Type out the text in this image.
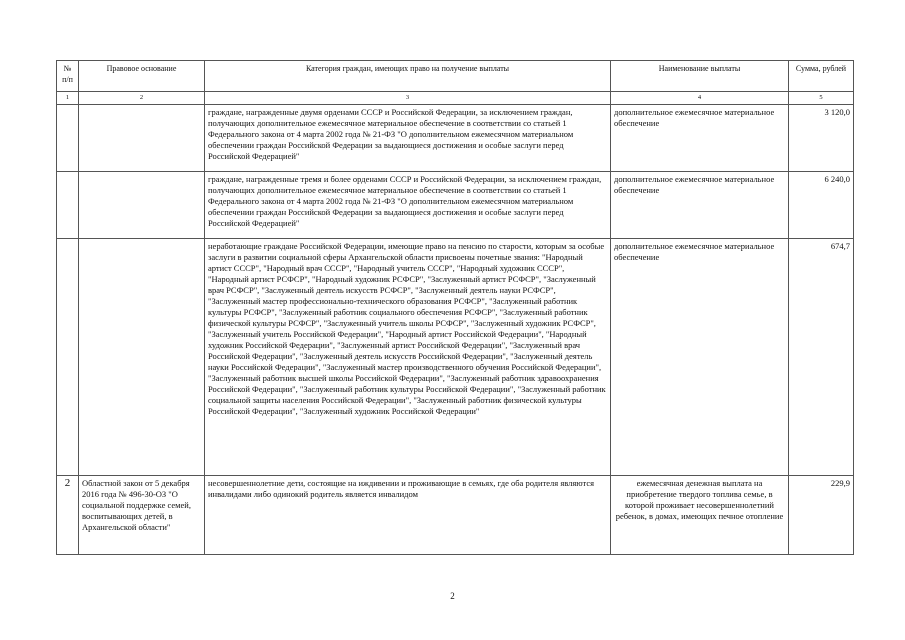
№ п/п	Правовое основание	Категория граждан, имеющих право на получение выплаты	Наименование выплаты	Сумма, рублей
1	2	3	4	5
		граждане, награжденные двумя орденами СССР и Российской Федерации, за исключением граждан, получающих дополнительное ежемесячное материальное обеспечение в соответствии со статьей 1 Федерального закона от 4 марта 2002 года № 21-ФЗ "О дополнительном ежемесячном материальном обеспечении граждан Российской Федерации за выдающиеся достижения и особые заслуги перед Российской Федерацией"	дополнительное ежемесячное материальное обеспечение	3 120,0
		граждане, награжденные тремя и более орденами СССР и Российской Федерации, за исключением граждан, получающих дополнительное ежемесячное материальное обеспечение в соответствии со статьей 1 Федерального закона от 4 марта 2002 года № 21-ФЗ "О дополнительном ежемесячном материальном обеспечении граждан Российской Федерации за выдающиеся достижения и особые заслуги перед Российской Федерацией"	дополнительное ежемесячное материальное обеспечение	6 240,0
		неработающие граждане Российской Федерации, имеющие право на пенсию по старости, которым за особые заслуги в развитии социальной сферы Архангельской области присвоены почетные звания: "Народный артист СССР", "Народный врач СССР", "Народный учитель СССР", "Народный художник СССР", "Народный артист РСФСР", "Народный художник РСФСР", "Заслуженный артист РСФСР", "Заслуженный врач РСФСР", "Заслуженный деятель искусств РСФСР", "Заслуженный деятель науки РСФСР", "Заслуженный мастер профессионально-технического образования РСФСР", "Заслуженный работник культуры РСФСР", "Заслуженный работник социального обеспечения РСФСР", "Заслуженный работник физической культуры РСФСР", "Заслуженный учитель школы РСФСР", "Заслуженный художник РСФСР", "Заслуженный учитель Российской Федерации", "Народный артист Российской Федерации", "Народный художник Российской Федерации", "Заслуженный артист Российской Федерации", "Заслуженный врач Российской Федерации", "Заслуженный деятель искусств Российской Федерации", "Заслуженный деятель науки Российской Федерации", "Заслуженный мастер производственного обучения Российской Федерации", "Заслуженный работник высшей школы Российской Федерации", "Заслуженный работник здравоохранения Российской Федерации", "Заслуженный работник культуры Российской Федерации", "Заслуженный работник социальной защиты населения Российской Федерации", "Заслуженный работник физической культуры Российской Федерации", "Заслуженный художник Российской Федерации"	дополнительное ежемесячное материальное обеспечение	674,7
2	Областной закон от 5 декабря 2016 года № 496-30-ОЗ "О социальной поддержке семей, воспитывающих детей, в Архангельской области"	несовершеннолетние дети, состоящие на иждивении и проживающие в семьях, где оба родителя являются инвалидами либо одинокий родитель является инвалидом	ежемесячная денежная выплата на приобретение твердого топлива семье, в которой проживает несовершеннолетний ребенок, в домах, имеющих печное отопление	229,9
2
